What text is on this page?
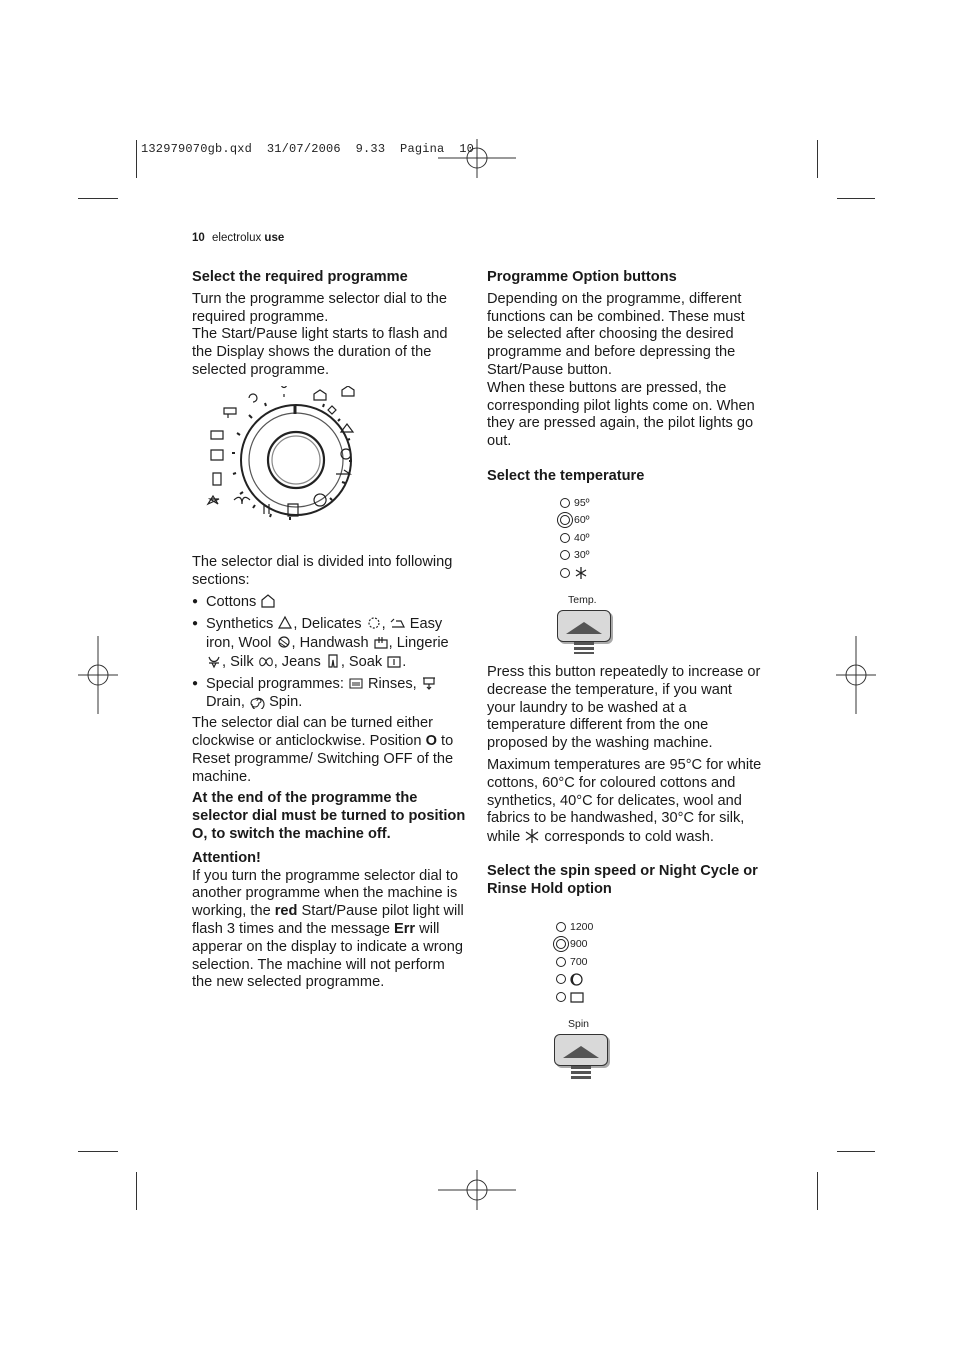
132979070gb.qxd  31/07/2006  9.33  Pagina  10
10 electrolux use

Select the required programme

Turn the programme selector dial to the required programme.

The Start/Pause light starts to flash and the Display shows the duration of the selected programme.

The selector dial is divided into following sections:

● Cottons
● Synthetics , Delicates , Easy iron, Wool , Handwash , Lingerie , Silk , Jeans , Soak .
● Special programmes: Rinses,  Drain, Spin.

The selector dial can be turned either clockwise or anticlockwise. Position O to Reset programme/ Switching OFF of the machine.

At the end of the programme the selector dial must be turned to position O, to switch the machine off.

Attention!

If you turn the programme selector dial to another programme when the machine is working, the red Start/Pause pilot light will flash 3 times and the message Err will apperar on the display to indicate a wrong selection. The machine will not perform the new selected programme.

Programme Option buttons

Depending on the programme, different functions can be combined. These must be selected after choosing the desired programme and before depressing the Start/Pause button.

When these buttons are pressed, the corresponding pilot lights come on. When they are pressed again, the pilot lights go out.

Select the temperature

95º
60º
40º
30º
Temp.

Press this button repeatedly to increase or decrease the temperature, if you want your laundry to be washed at a temperature different from the one proposed by the washing machine.

Maximum temperatures are 95°C for white cottons, 60°C for coloured cottons and synthetics, 40°C for delicates, wool and fabrics to be handwashed, 30°C for silk, while corresponds to cold wash.

Select the spin speed or Night Cycle or Rinse Hold option

1200
900
700
Spin
